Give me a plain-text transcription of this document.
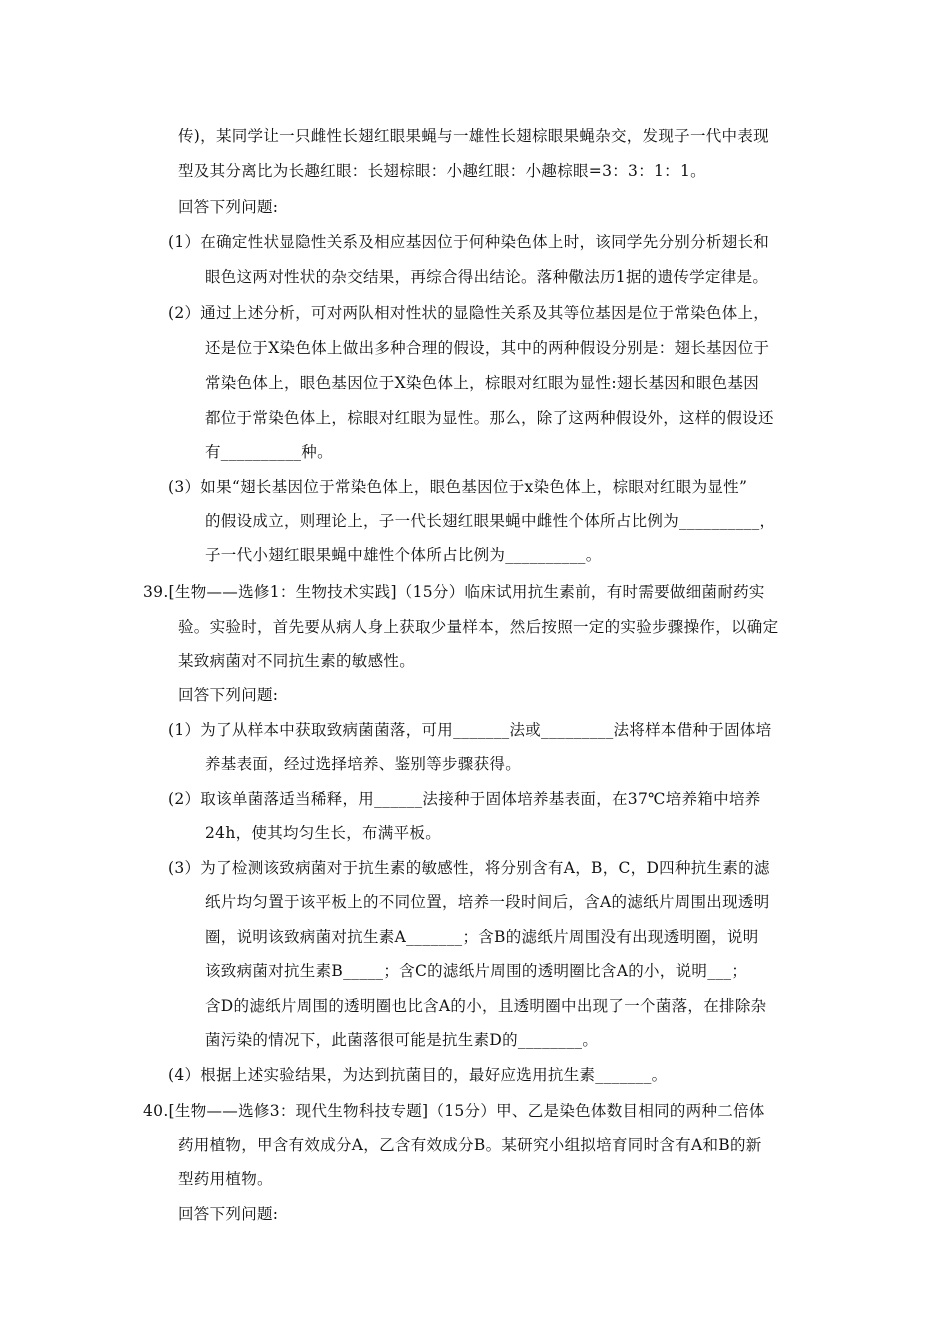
传)，某同学让一只雌性长翅红眼果蝇与一雄性长翅棕眼果蝇杂交，发现子一代中表现
型及其分离比为长趣红眼：长翅棕眼：小趣红眼：小趣棕眼=3：3：1：1。
回答下列问题:
(1）在确定性状显隐性关系及相应基因位于何种染色体上时，该同学先分别分析翅长和
眼色这两对性状的杂交结果，再综合得出结论。落种儆法历1据的遗传学定律是。
(2）通过上述分析，可对两队相对性状的显隐性关系及其等位基因是位于常染色体上，
还是位于X染色体上做出多种合理的假设，其中的两种假设分别是：翅长基因位于
常染色体上，眼色基因位于X染色体上，棕眼对红眼为显性:翅长基因和眼色基因
都位于常染色体上，棕眼对红眼为显性。那么，除了这两种假设外，这样的假设还
有__________种。
(3）如果“翅长基因位于常染色体上，眼色基因位于x染色体上，棕眼对红眼为显性”
的假设成立，则理论上，子一代长翅红眼果蝇中雌性个体所占比例为__________，
子一代小翅红眼果蝇中雄性个体所占比例为__________。
39.[生物——选修1：生物技术实践]（15分）临床试用抗生素前，有时需要做细菌耐药实
验。实验时，首先要从病人身上获取少量样本，然后按照一定的实验步骤操作，以确定
某致病菌对不同抗生素的敏感性。
回答下列问题:
(1）为了从样本中获取致病菌菌落，可用_______法或_________法将样本借种于固体培
养基表面，经过选择培养、鉴别等步骤获得。
(2）取该单菌落适当稀释，用______法接种于固体培养基表面，在37℃培养箱中培养
24h，使其均匀生长，布满平板。
(3）为了检测该致病菌对于抗生素的敏感性，将分别含有A，B，C，D四种抗生素的滤
纸片均匀置于该平板上的不同位置，培养一段时间后，含A的滤纸片周围出现透明
圈，说明该致病菌对抗生素A_______；含B的滤纸片周围没有出现透明圈，说明
该致病菌对抗生素B_____；含C的滤纸片周围的透明圈比含A的小，说明___；
含D的滤纸片周围的透明圈也比含A的小，且透明圈中出现了一个菌落，在排除杂
菌污染的情况下，此菌落很可能是抗生素D的________。
(4）根据上述实验结果，为达到抗菌目的，最好应选用抗生素_______。
40.[生物——选修3：现代生物科技专题]（15分）甲、乙是染色体数目相同的两种二倍体
药用植物，甲含有效成分A，乙含有效成分B。某研究小组拟培育同时含有A和B的新
型药用植物。
回答下列问题:
